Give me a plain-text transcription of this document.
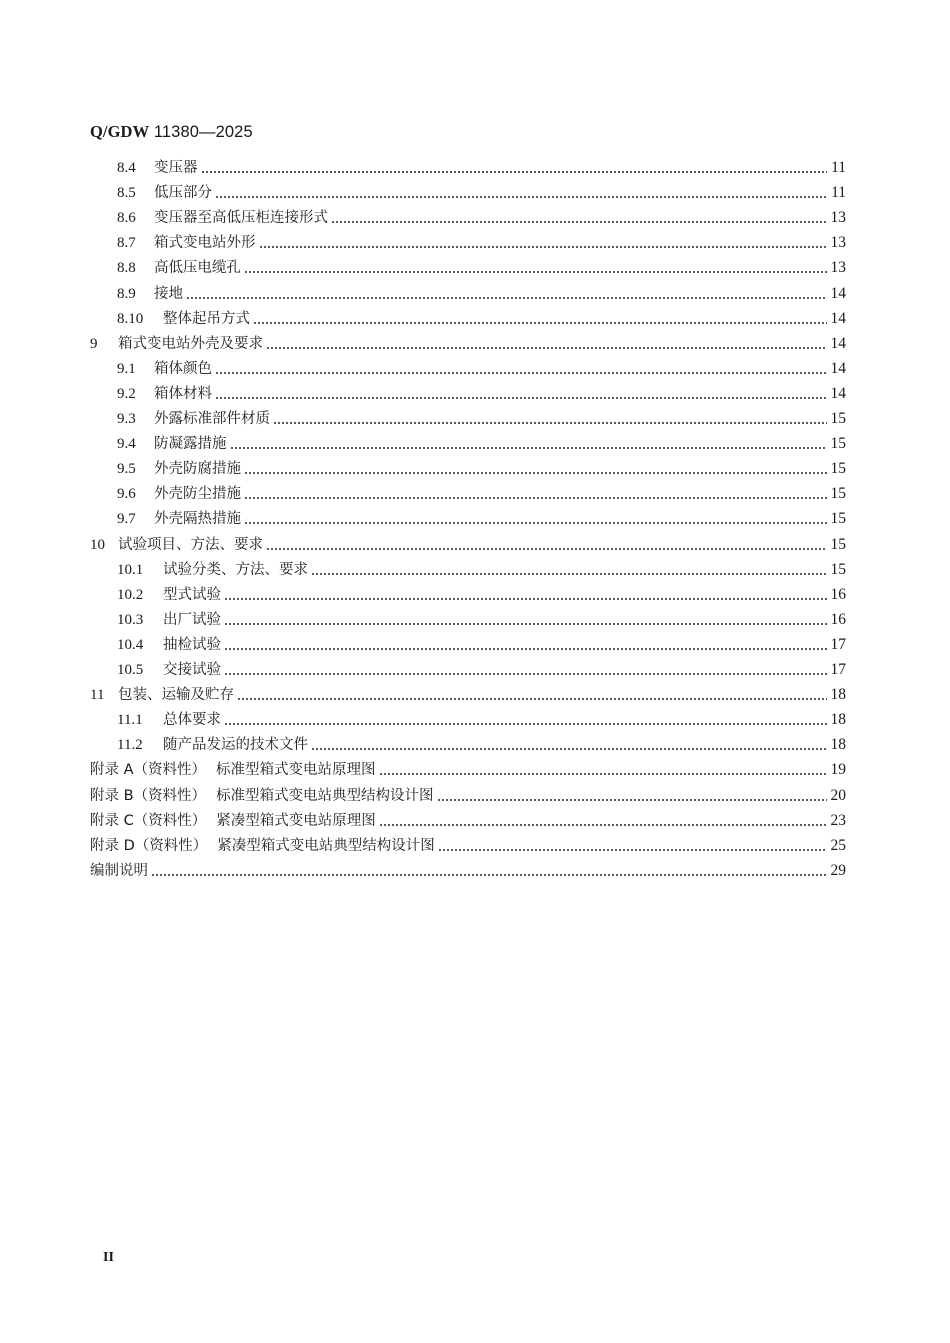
Q/GDW 11380—2025
8.4	变压器	11
8.5	低压部分	11
8.6	变压器至高低压柜连接形式	13
8.7	箱式变电站外形	13
8.8	高低压电缆孔	13
8.9	接地	14
8.10	整体起吊方式	14
9	箱式变电站外壳及要求	14
9.1	箱体颜色	14
9.2	箱体材料	14
9.3	外露标准部件材质	15
9.4	防凝露措施	15
9.5	外壳防腐措施	15
9.6	外壳防尘措施	15
9.7	外壳隔热措施	15
10 试验项目、方法、要求	15
10.1	试验分类、方法、要求	15
10.2	型式试验	16
10.3	出厂试验	16
10.4	抽检试验	17
10.5	交接试验	17
11 包装、运输及贮存	18
11.1	总体要求	18
11.2	随产品发运的技术文件	18
附录 A（资料性） 标准型箱式变电站原理图	19
附录 B（资料性） 标准型箱式变电站典型结构设计图	20
附录 C（资料性） 紧凑型箱式变电站原理图	23
附录 D（资料性） 紧凑型箱式变电站典型结构设计图	25
编制说明	29
II
